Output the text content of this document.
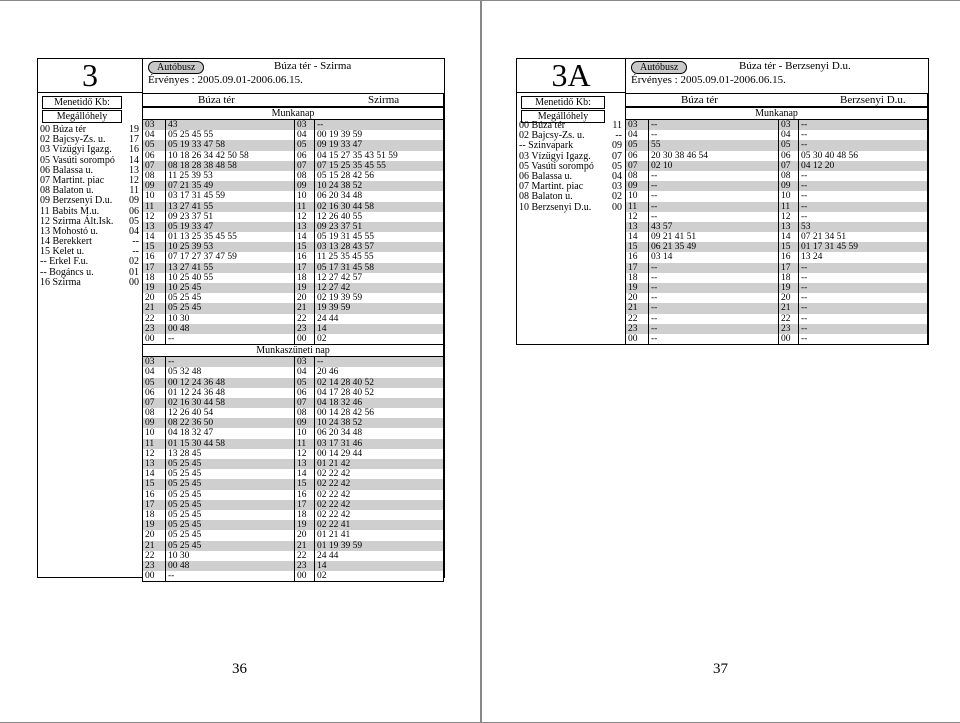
3
Menetidő Kb:
Megállóhely
00 Búza tér	19
02 Bajcsy-Zs. u. 17
03 Vízügyi Igazg. 16
05 Vasúti sorompó 14
06 Balassa u.	13
07 Martint. piac 12
08 Balaton u.	11
09 Berzsenyi D.u. 09
11 Babits M.u.	06
12 Szirma Ált.Isk. 05
13 Mohostó u.	04
14 Berekkert	--
15 Kelet u.	--
-- Erkel F.u.	02
-- Bogáncs u.	01
16 Szirma	00
Autóbusz	Búza tér - Szirma
Érvényes : 2005.09.01-2006.06.15.
Búza tér	Szirma
Munkanap
03	43	03	--
04	05 25 45 55	04	00 19 39 59
05	05 19 33 47 58	05	09 19 33 47
06	10 18 26 34 42 50 58	06	04 15 27 35 43 51 59
07	08 18 28 38 48 58	07	07 15 25 35 45 55
08	11 25 39 53	08	05 15 28 42 56
09	07 21 35 49	09	10 24 38 52
10	03 17 31 45 59	10	06 20 34 48
11	13 27 41 55	11	02 16 30 44 58
12	09 23 37 51	12	12 26 40 55
13	05 19 33 47	13	09 23 37 51
14	01 13 25 35 45 55	14	05 19 31 45 55
15	10 25 39 53	15	03 13 28 43 57
16	07 17 27 37 47 59	16	11 25 35 45 55
17	13 27 41 55	17	05 17 31 45 58
18	10 25 40 55	18	12 27 42 57
19	10 25 45	19	12 27 42
20	05 25 45	20	02 19 39 59
21	05 25 45	21	19 39 59
22	10 30	22	24 44
23	00 48	23	14
00	--	00	02
Munkaszüneti nap
03	--	03	--
04	05 32 48	04	20 46
05	00 12 24 36 48	05	02 14 28 40 52
06	01 12 24 36 48	06	04 17 28 40 52
07	02 16 30 44 58	07	04 18 32 46
08	12 26 40 54	08	00 14 28 42 56
09	08 22 36 50	09	10 24 38 52
10	04 18 32 47	10	06 20 34 48
11	01 15 30 44 58	11	03 17 31 46
12	13 28 45	12	00 14 29 44
13	05 25 45	13	01 21 42
14	05 25 45	14	02 22 42
15	05 25 45	15	02 22 42
16	05 25 45	16	02 22 42
17	05 25 45	17	02 22 42
18	05 25 45	18	02 22 42
19	05 25 45	19	02 22 41
20	05 25 45	20	01 21 41
21	05 25 45	21	01 19 39 59
22	10 30	22	24 44
23	00 48	23	14
00	--	00	02
36
3A
Menetidő Kb:
Megállóhely
00 Búza tér	11
02 Bajcsy-Zs. u.	--
-- Szinvapark	09
03 Vízügyi Igazg. 07
05 Vasúti sorompó 05
06 Balassa u.	04
07 Martint. piac	03
08 Balaton u.	02
10 Berzsenyi D.u. 00
Autóbusz	Búza tér - Berzsenyi D.u.
Érvényes : 2005.09.01-2006.06.15.
Búza tér	Berzsenyi D.u.
Munkanap
03	--	03	--
04	--	04	--
05	55	05	--
06	20 30 38 46 54	06	05 30 40 48 56
07	02 10	07	04 12 20
08	--	08	--
09	--	09	--
10	--	10	--
11	--	11	--
12	--	12	--
13	43 57	13	53
14	09 21 41 51	14	07 21 34 51
15	06 21 35 49	15	01 17 31 45 59
16	03 14	16	13 24
17	--	17	--
18	--	18	--
19	--	19	--
20	--	20	--
21	--	21	--
22	--	22	--
23	--	23	--
00	--	00	--
37
